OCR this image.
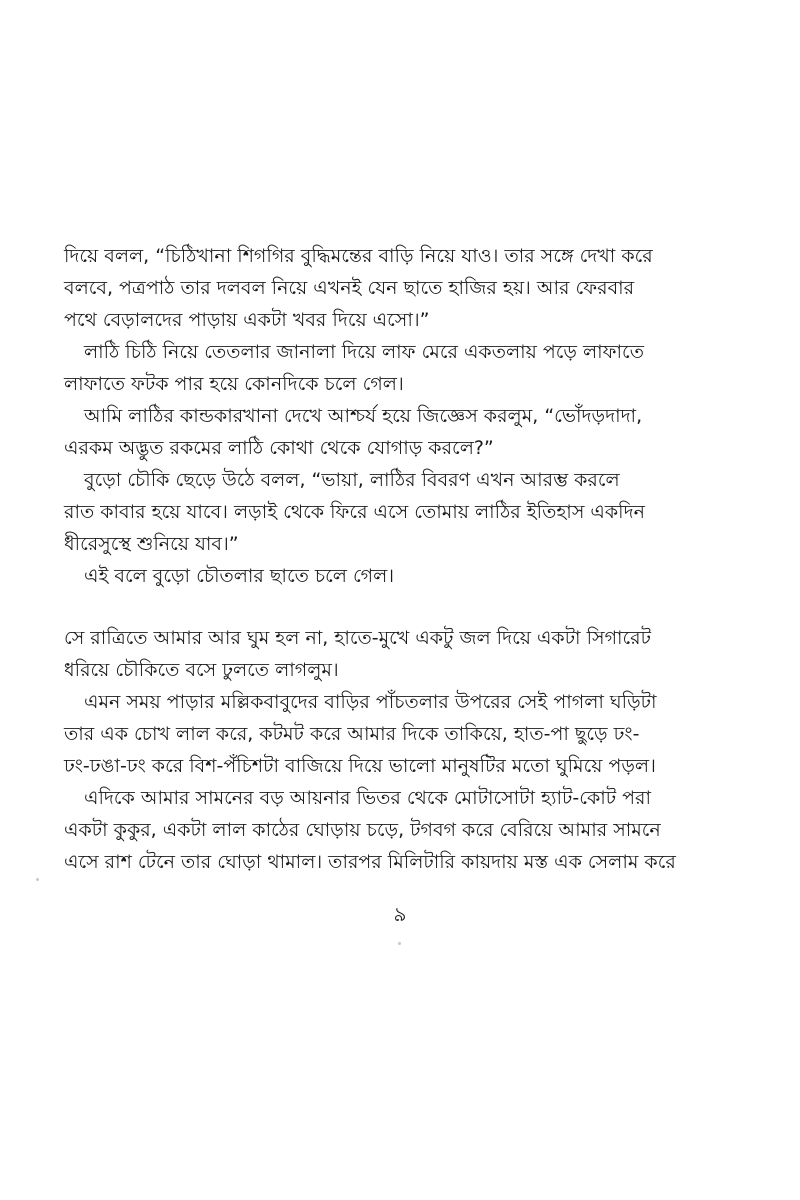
দিয়ে বলল, “চিঠিখানা শিগগির বুদ্ধিমন্তের বাড়ি নিয়ে যাও। তার সঙ্গে দেখা করে
বলবে, পত্রপাঠ তার দলবল নিয়ে এখনই যেন ছাতে হাজির হয়। আর ফেরবার
পথে বেড়ালদের পাড়ায় একটা খবর দিয়ে এসো।”
লাঠি চিঠি নিয়ে তেতলার জানালা দিয়ে লাফ মেরে একতলায় পড়ে লাফাতে
লাফাতে ফটক পার হয়ে কোনদিকে চলে গেল।
আমি লাঠির কান্ডকারখানা দেখে আশ্চর্য হয়ে জিজ্ঞেস করলুম, “ভোঁদড়দাদা,
এরকম অদ্ভুত রকমের লাঠি কোথা থেকে যোগাড় করলে?”
বুড়ো চৌকি ছেড়ে উঠে বলল, “ভায়া, লাঠির বিবরণ এখন আরম্ভ করলে
রাত কাবার হয়ে যাবে। লড়াই থেকে ফিরে এসে তোমায় লাঠির ইতিহাস একদিন
ধীরেসুস্থে শুনিয়ে যাব।”
এই বলে বুড়ো চৌতলার ছাতে চলে গেল।
সে রাত্রিতে আমার আর ঘুম হল না, হাতে-মুখে একটু জল দিয়ে একটা সিগারেট
ধরিয়ে চৌকিতে বসে ঢুলতে লাগলুম।
এমন সময় পাড়ার মল্লিকবাবুদের বাড়ির পাঁচতলার উপরের সেই পাগলা ঘড়িটা
তার এক চোখ লাল করে, কটমট করে আমার দিকে তাকিয়ে, হাত-পা ছুড়ে ঢং-
ঢং-ঢঙা-ঢং করে বিশ-পঁচিশটা বাজিয়ে দিয়ে ভালো মানুষটির মতো ঘুমিয়ে পড়ল।
এদিকে আমার সামনের বড় আয়নার ভিতর থেকে মোটাসোটা হ্যাট-কোট পরা
একটা কুকুর, একটা লাল কাঠের ঘোড়ায় চড়ে, টগবগ করে বেরিয়ে আমার সামনে
এসে রাশ টেনে তার ঘোড়া থামাল। তারপর মিলিটারি কায়দায় মস্ত এক সেলাম করে
৯
